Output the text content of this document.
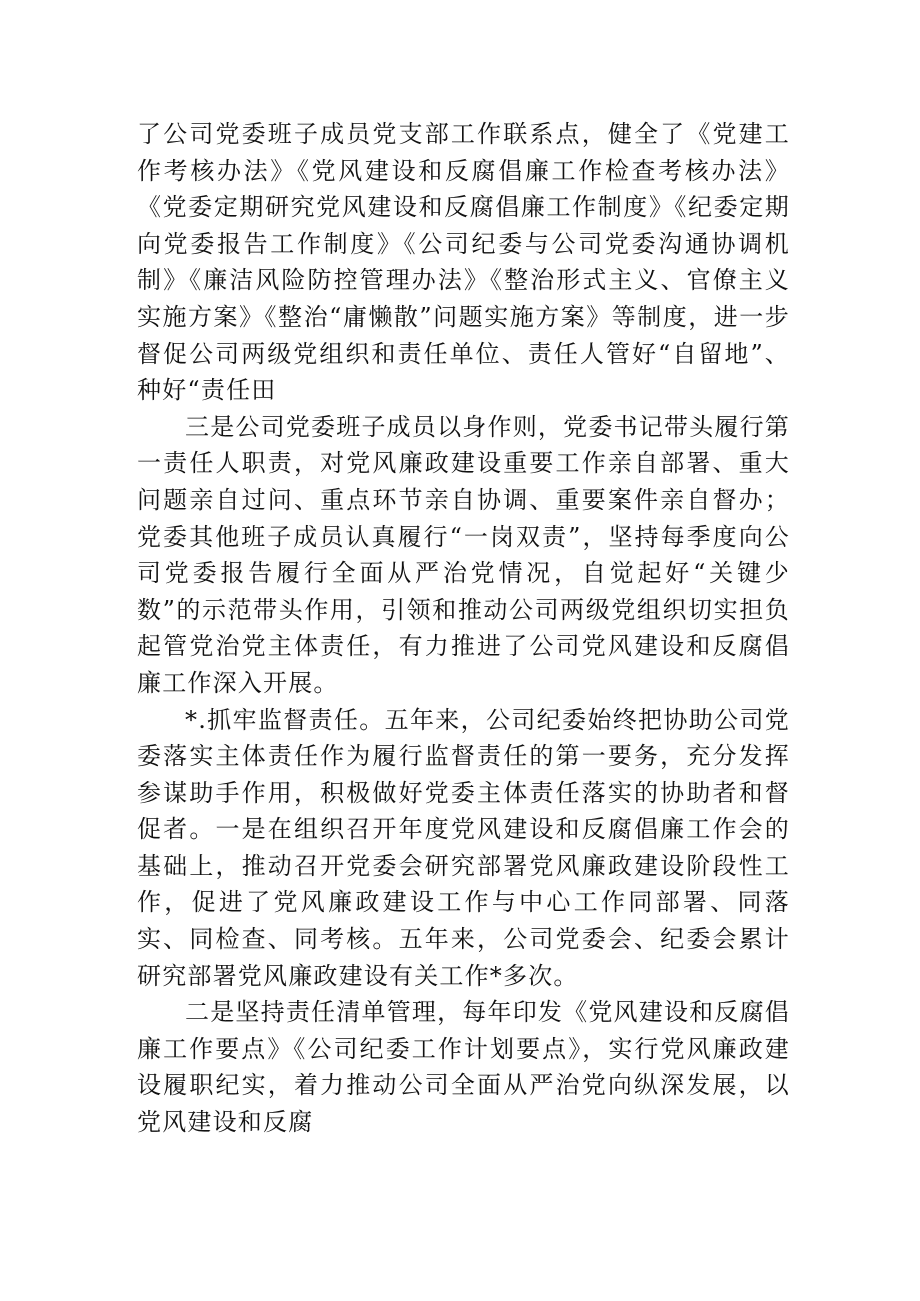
了公司党委班子成员党支部工作联系点，健全了《党建工作考核办法》《党风建设和反腐倡廉工作检查考核办法》《党委定期研究党风建设和反腐倡廉工作制度》《纪委定期向党委报告工作制度》《公司纪委与公司党委沟通协调机制》《廉洁风险防控管理办法》《整治形式主义、官僚主义实施方案》《整治“庸懒散”问题实施方案》等制度，进一步督促公司两级党组织和责任单位、责任人管好“自留地”、种好“责任田

三是公司党委班子成员以身作则，党委书记带头履行第一责任人职责，对党风廉政建设重要工作亲自部署、重大问题亲自过问、重点环节亲自协调、重要案件亲自督办；党委其他班子成员认真履行“一岗双责”，坚持每季度向公司党委报告履行全面从严治党情况，自觉起好“关键少数”的示范带头作用，引领和推动公司两级党组织切实担负起管党治党主体责任，有力推进了公司党风建设和反腐倡廉工作深入开展。

*.抓牢监督责任。五年来，公司纪委始终把协助公司党委落实主体责任作为履行监督责任的第一要务，充分发挥参谋助手作用，积极做好党委主体责任落实的协助者和督促者。一是在组织召开年度党风建设和反腐倡廉工作会的基础上，推动召开党委会研究部署党风廉政建设阶段性工作，促进了党风廉政建设工作与中心工作同部署、同落实、同检查、同考核。五年来，公司党委会、纪委会累计研究部署党风廉政建设有关工作*多次。

二是坚持责任清单管理，每年印发《党风建设和反腐倡廉工作要点》《公司纪委工作计划要点》，实行党风廉政建设履职纪实，着力推动公司全面从严治党向纵深发展，以党风建设和反腐
